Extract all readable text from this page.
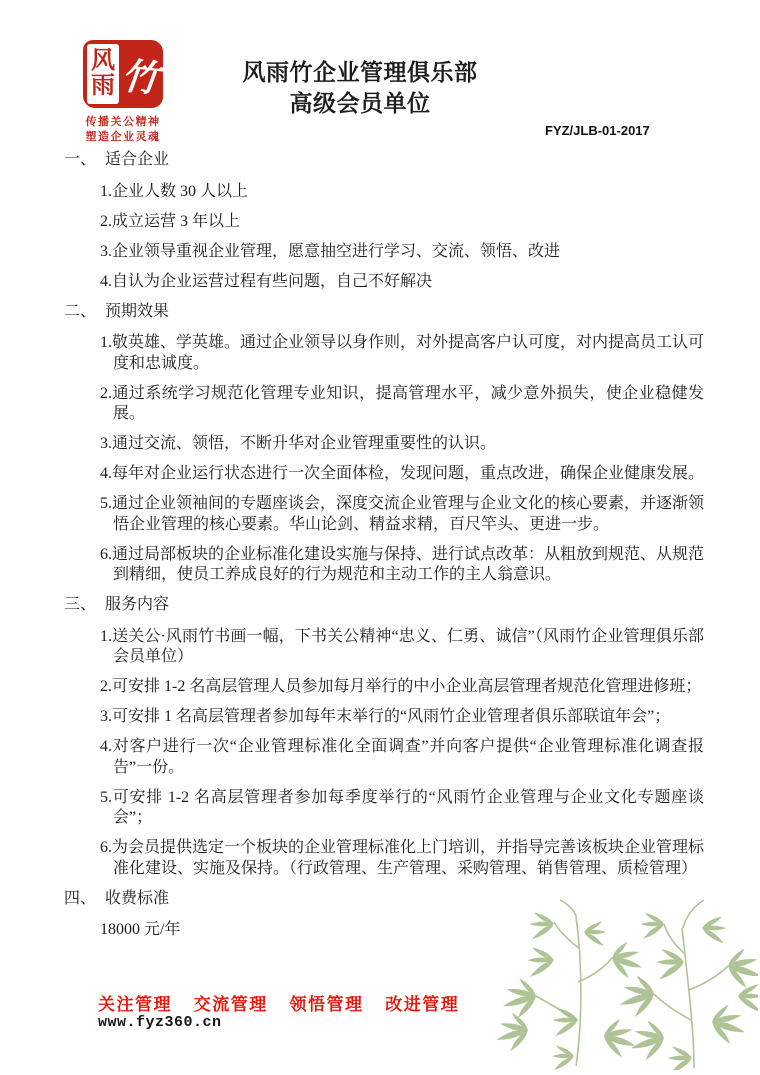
风
雨 竹
传播关公精神
塑造企业灵魂
风雨竹企业管理俱乐部
高级会员单位
FYZ/JLB-01-2017
一、 适合企业

1.企业人数 30 人以上

2.成立运营 3 年以上

3.企业领导重视企业管理，愿意抽空进行学习、交流、领悟、改进

4.自认为企业运营过程有些问题，自己不好解决

二、 预期效果

1.敬英雄、学英雄。通过企业领导以身作则，对外提高客户认可度，对内提高员工认可度和忠诚度。

2.通过系统学习规范化管理专业知识，提高管理水平，减少意外损失，使企业稳健发展。

3.通过交流、领悟，不断升华对企业管理重要性的认识。

4.每年对企业运行状态进行一次全面体检，发现问题，重点改进，确保企业健康发展。

5.通过企业领袖间的专题座谈会，深度交流企业管理与企业文化的核心要素，并逐渐领悟企业管理的核心要素。华山论剑、精益求精，百尺竿头、更进一步。

6.通过局部板块的企业标准化建设实施与保持、进行试点改革：从粗放到规范、从规范到精细，使员工养成良好的行为规范和主动工作的主人翁意识。

三、 服务内容

1.送关公·风雨竹书画一幅，下书关公精神“忠义、仁勇、诚信”（风雨竹企业管理俱乐部会员单位）

2.可安排 1-2 名高层管理人员参加每月举行的中小企业高层管理者规范化管理进修班；

3.可安排 1 名高层管理者参加每年末举行的“风雨竹企业管理者俱乐部联谊年会”；

4.对客户进行一次“企业管理标准化全面调查”并向客户提供“企业管理标准化调查报告”一份。

5.可安排 1-2 名高层管理者参加每季度举行的“风雨竹企业管理与企业文化专题座谈会”；

6.为会员提供选定一个板块的企业管理标准化上门培训，并指导完善该板块企业管理标准化建设、实施及保持。（行政管理、生产管理、采购管理、销售管理、质检管理）

四、 收费标准

18000 元/年

关注管理 交流管理 领悟管理 改进管理
www.fyz360.cn
